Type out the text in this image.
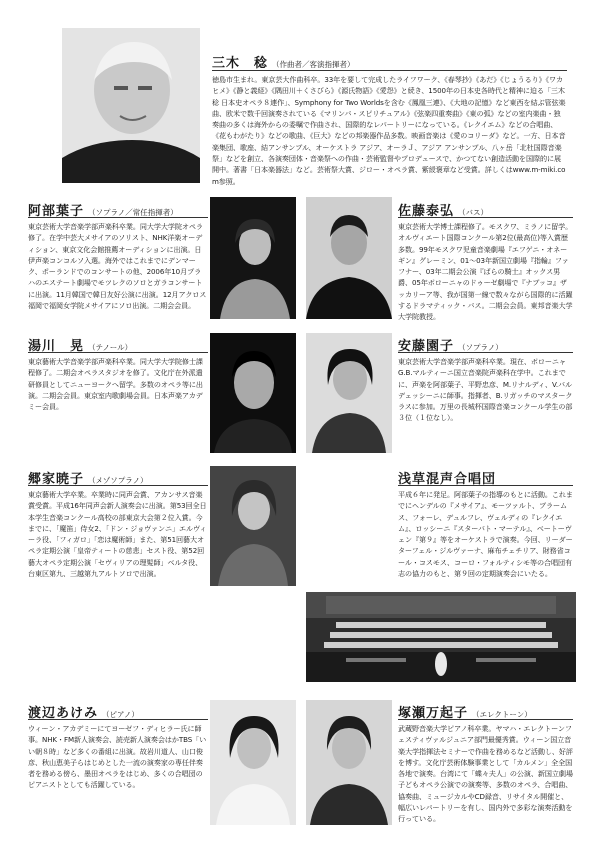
三木　稔 （作曲者／客演指揮者）
徳島市生まれ。東京芸大作曲科卒。33年を要して完成したライフワーク、《春琴抄》《あだ》《じょうるり》《ワカヒメ》《静と義経》《隅田川＋くさびら》《源氏物語》《愛怨》と続き、1500年の日本史各時代と精神に迫る「三木稔 日本史オペラ８連作」、Symphony for Two Worldsを含む《鳳凰三連》、《大地の記憶》など東西を結ぶ管弦楽曲、欧米で数千回演奏されている《マリンバ・スピリチュアル》《弦楽四重奏曲》《東の弧》などの室内楽曲・独奏曲の多くは海外からの委嘱で作曲され、国際的なレパートリーになっている。《レクイエム》などの合唱曲、《花もわがたり》などの歌曲、《巨大》などの邦楽器作品多数。映画音楽は《愛のコリーダ》など。一方、日本音楽集団、歌座、結アンサンブル、オーケストラ アジア、オーラＪ、アジア アンサンブル、八ヶ岳「北杜国際音楽祭」などを創立、各演奏団体・音楽祭への作曲・芸術監督やプロデュースで、かつてない創造活動を国際的に展開中。著書「日本楽器法」など。芸術祭大賞、ジロー・オペラ賞、紫綬褒章など受賞。詳しくはwww.m-miki.com参照。
阿部葉子 （ソプラノ／常任指揮者）
東京芸術大学音楽学部声楽科卒業。同大学大学院オペラ修了。在学中芸大メサイアのソリスト、NHK洋楽オーディション、東京文化会館推薦オーディションに出演。日伊声楽コンコルソ入選。海外ではこれまでにデンマーク、ポーランドでのコンサートの他、2006年10月プラハのエステート劇場でモツレクのソロとガラコンサートに出演。11月韓国で韓日友好公演に出演。12月アクロス福岡で福岡女学院メサイアにソロ出演。二期会会員。
佐藤泰弘 （バス）
東京芸術大学博士課程修了。モスクワ、ミラノに留学。オルヴィエート国際コンクール第2位(最高位)等入賞歴多数。99年モスクワ児童音楽劇場『エフゲニ・オネーギン』グレーミン、01〜03年新国立劇場『指輪』ファフナー、03年二期会公演『ばらの騎士』オックス男爵、05年ボローニャのドゥーゼ劇場で『ナブッコ』ザッカリーア等、我が国第一線で数々ながら国際的に活躍するドラマティック・バス。二期会会員。東邦音楽大学大学院教授。
湯川　晃 （テノール）
東京藝術大学音楽学部声楽科卒業。同大学大学院修士課程修了。二期会オペラスタジオを修了。文化庁在外派遣研修員としてニューヨークへ留学。多数のオペラ等に出演。二期会会員。東京室内歌劇場会員。日本声楽アカデミー会員。
安藤園子 （ソプラノ）
東京芸術大学音楽学部声楽科卒業。現在、ボローニャG.B.マルティーニ国立音楽院声楽科在学中。これまでに、声楽を阿部葉子、平野忠彦、M.リナルディ、V.バルデェッシーニに師事。指揮者、B.リガッチのマスタークラスに参加。万里の長城杯国際音楽コンクール学生の部３位（１位なし）。
郷家暁子 （メゾソプラノ）
東京藝術大学卒業。卒業時に同声会賞、アカンサス音楽賞受賞。平成16年同声会新人演奏会に出演。第53回全日本学生音楽コンクール高校の部東京大会第２位入賞。今までに、「魔笛」侍女2、「ドン・ジョヴァンニ」エルヴィーラ役、「フィガロ」「恋は魔術師」また、第51回藝大オペラ定期公演「皇帝ティートの慈悲」セスト役、第52回藝大オペラ定期公演「セヴィリアの理髪師」ベルタ役、台東区第九、三越第九アルトソロで出演。
浅草混声合唱団
平成６年に発足。阿部葉子の指導のもとに活動。これまでにヘンデルの『メサイア』、モーツァルト、ブラームス、フォーレ、デュルフレ、ヴェルディの『レクイエム』、ロッシーニ『スターバト・マーテル』、ベートーヴェン『第９』等をオーケストラで演奏。今回、リーダーターフェル・ジルヴァーナ、麻布チェチリア、財務省コール・コスモス、コーロ・フォルティシモ等の合唱団有志の協力のもと、第９回の定期演奏会にいたる。
渡辺あけみ （ピアノ）
ウィーン・アカデミーにてヨーゼフ・ディヒラー氏に師事。NHK・FM新人演奏会、読売新人演奏会はかTBS「いい朝８時」など多くの番組に出演。故岩川道人、山口俊彦、秋山恵美子らはじめとした一流の演奏家の専任伴奏者を務める傍ら、墨田オペラをはじめ、多くの合唱団のピアニストとしても活躍している。
塚瀬万起子 （エレクトーン）
武蔵野音楽大学ピアノ科卒業。ヤマハ・エレクトーンフェスティヴァルジュニア部門最優秀賞。ウィーン国立音楽大学指揮法セミナーで作曲を務めるなど活動し、好評を博す。文化庁芸術体験事業として「カルメン」全全国各地で演奏。台湾にて「蝶々夫人」の公演、新国立劇場子どもオペラ公演での演奏等、多数のオペラ、合唱曲、協奏曲、ミュージカルやCD録音、リサイタル開催と、幅広いレパートリーを有し、国内外で多彩な演奏活動を行っている。
